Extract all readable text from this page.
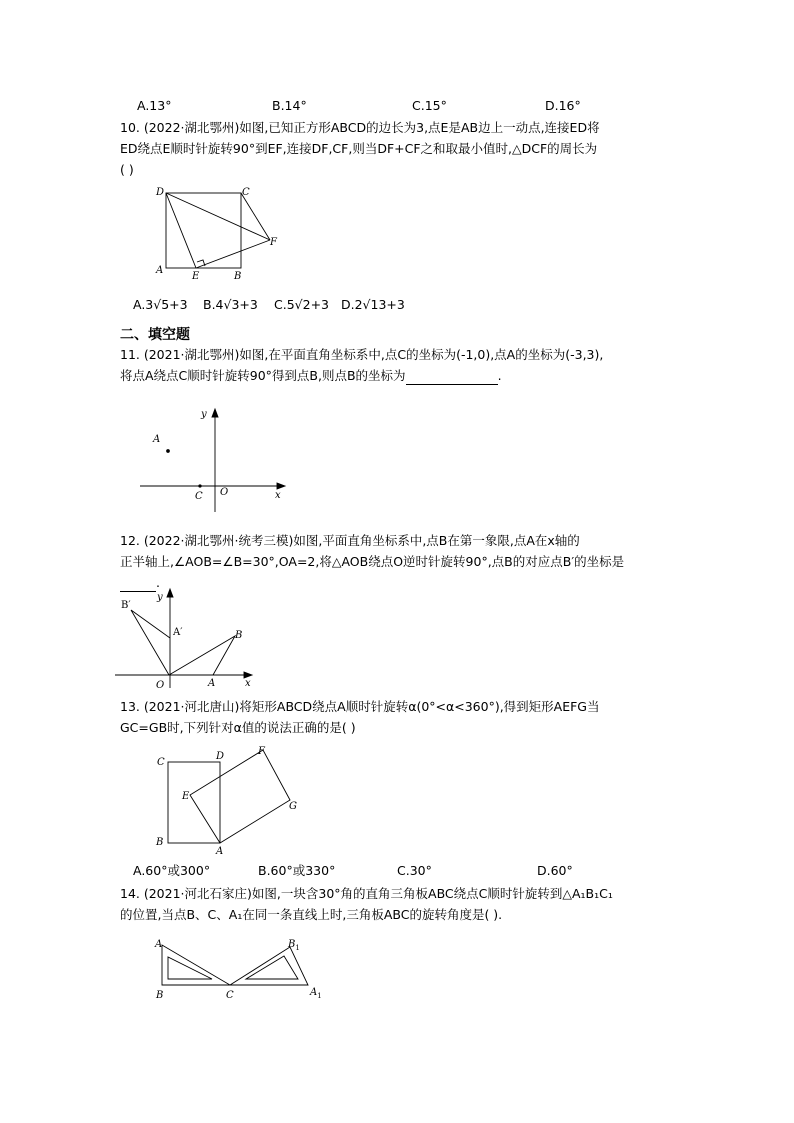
A.13°	B.14°	C.15°	D.16°
10. (2022·湖北鄂州)如图,已知正方形ABCD的边长为3,点E是AB边上一动点,连接ED将
ED绕点E顺时针旋转90°到EF,连接DF,CF,则当DF+CF之和取最小值时,△DCF的周长为
( )
D	C
F
A
E	B
A.3√5+3 B.4√3+3 C.5√2+3 D.2√13+3
二、填空题
11. (2021·湖北鄂州)如图,在平面直角坐标系中,点C的坐标为(-1,0),点A的坐标为(-3,3),
将点A绕点C顺时针旋转90°得到点B,则点B的坐标为	.
y
A
C O	x
12. (2022·湖北鄂州·统考三模)如图,平面直角坐标系中,点B在第一象限,点A在x轴的
正半轴上,∠AOB=∠B=30°,OA=2,将△AOB绕点O逆时针旋转90°,点B的对应点B′的坐标是
.
B′
y
A′	B
O	A	x
13. (2021·河北唐山)将矩形ABCD绕点A顺时针旋转α(0°<α<360°),得到矩形AEFG当
GC=GB时,下列针对α值的说法正确的是( )
C
D	F
E
G
B
A
A.60°或300°	B.60°或330°	C.30°	D.60°
14. (2021·河北石家庄)如图,一块含30°角的直角三角板ABC绕点C顺时针旋转到△A₁B₁C₁
的位置,当点B、C、A₁在同一条直线上时,三角板ABC的旋转角度是( ).
A
B	C
$B_1$
$A_1$
